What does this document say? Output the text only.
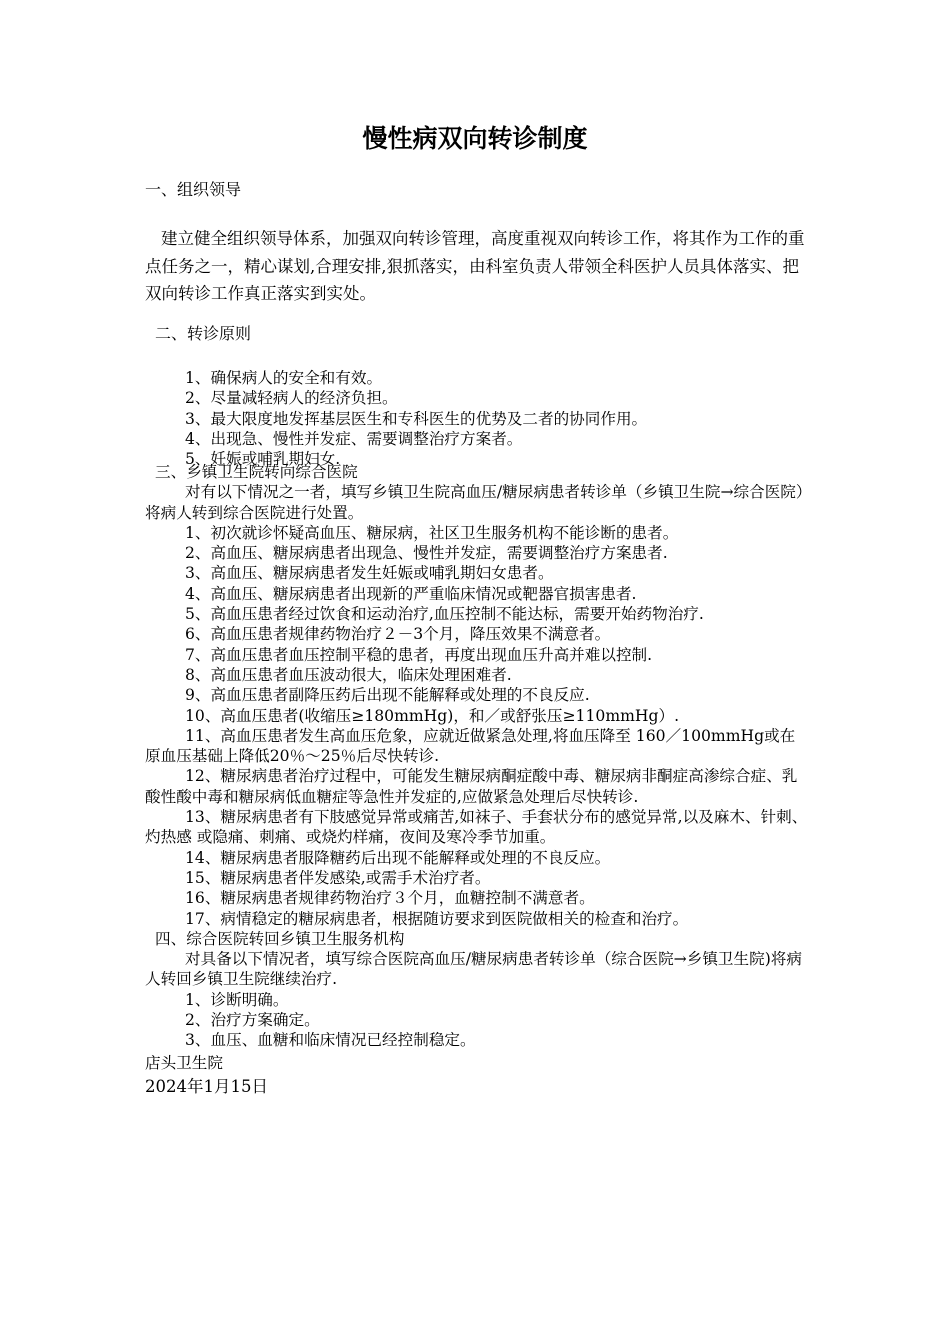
慢性病双向转诊制度
一、组织领导
建立健全组织领导体系，加强双向转诊管理，高度重视双向转诊工作，将其作为工作的重点任务之一，精心谋划,合理安排,狠抓落实，由科室负责人带领全科医护人员具体落实、把双向转诊工作真正落实到实处。
二、转诊原则
1、确保病人的安全和有效。
2、尽量减轻病人的经济负担。
3、最大限度地发挥基层医生和专科医生的优势及二者的协同作用。
4、出现急、慢性并发症、需要调整治疗方案者。
5、妊娠或哺乳期妇女.
三、乡镇卫生院转向综合医院
对有以下情况之一者，填写乡镇卫生院高血压/糖尿病患者转诊单（乡镇卫生院→综合医院）将病人转到综合医院进行处置。
1、初次就诊怀疑高血压、糖尿病，社区卫生服务机构不能诊断的患者。
2、高血压、糖尿病患者出现急、慢性并发症，需要调整治疗方案患者.
3、高血压、糖尿病患者发生妊娠或哺乳期妇女患者。
4、高血压、糖尿病患者出现新的严重临床情况或靶器官损害患者.
5、高血压患者经过饮食和运动治疗,血压控制不能达标，需要开始药物治疗.
6、高血压患者规律药物治疗２－3个月，降压效果不满意者。
7、高血压患者血压控制平稳的患者，再度出现血压升高并难以控制.
8、高血压患者血压波动很大，临床处理困难者.
9、高血压患者副降压药后出现不能解释或处理的不良反应.
10、高血压患者(收缩压≥180mmHg)，和／或舒张压≥110mmHg）.
11、高血压患者发生高血压危象，应就近做紧急处理,将血压降至 160／100mmHg或在原血压基础上降低20％～25％后尽快转诊.
12、糖尿病患者治疗过程中，可能发生糖尿病酮症酸中毒、糖尿病非酮症高渗综合症、乳酸性酸中毒和糖尿病低血糖症等急性并发症的,应做紧急处理后尽快转诊.
13、糖尿病患者有下肢感觉异常或痛苦,如袜子、手套状分布的感觉异常,以及麻木、针刺、灼热感 或隐痛、刺痛、或烧灼样痛，夜间及寒冷季节加重。
14、糖尿病患者服降糖药后出现不能解释或处理的不良反应。
15、糖尿病患者伴发感染,或需手术治疗者。
16、糖尿病患者规律药物治疗３个月，血糖控制不满意者。
17、病情稳定的糖尿病患者，根据随访要求到医院做相关的检查和治疗。
四、综合医院转回乡镇卫生服务机构
对具备以下情况者，填写综合医院高血压/糖尿病患者转诊单（综合医院→乡镇卫生院)将病人转回乡镇卫生院继续治疗.
1、诊断明确。
2、治疗方案确定。
3、血压、血糖和临床情况已经控制稳定。
店头卫生院
2024年1月15日
